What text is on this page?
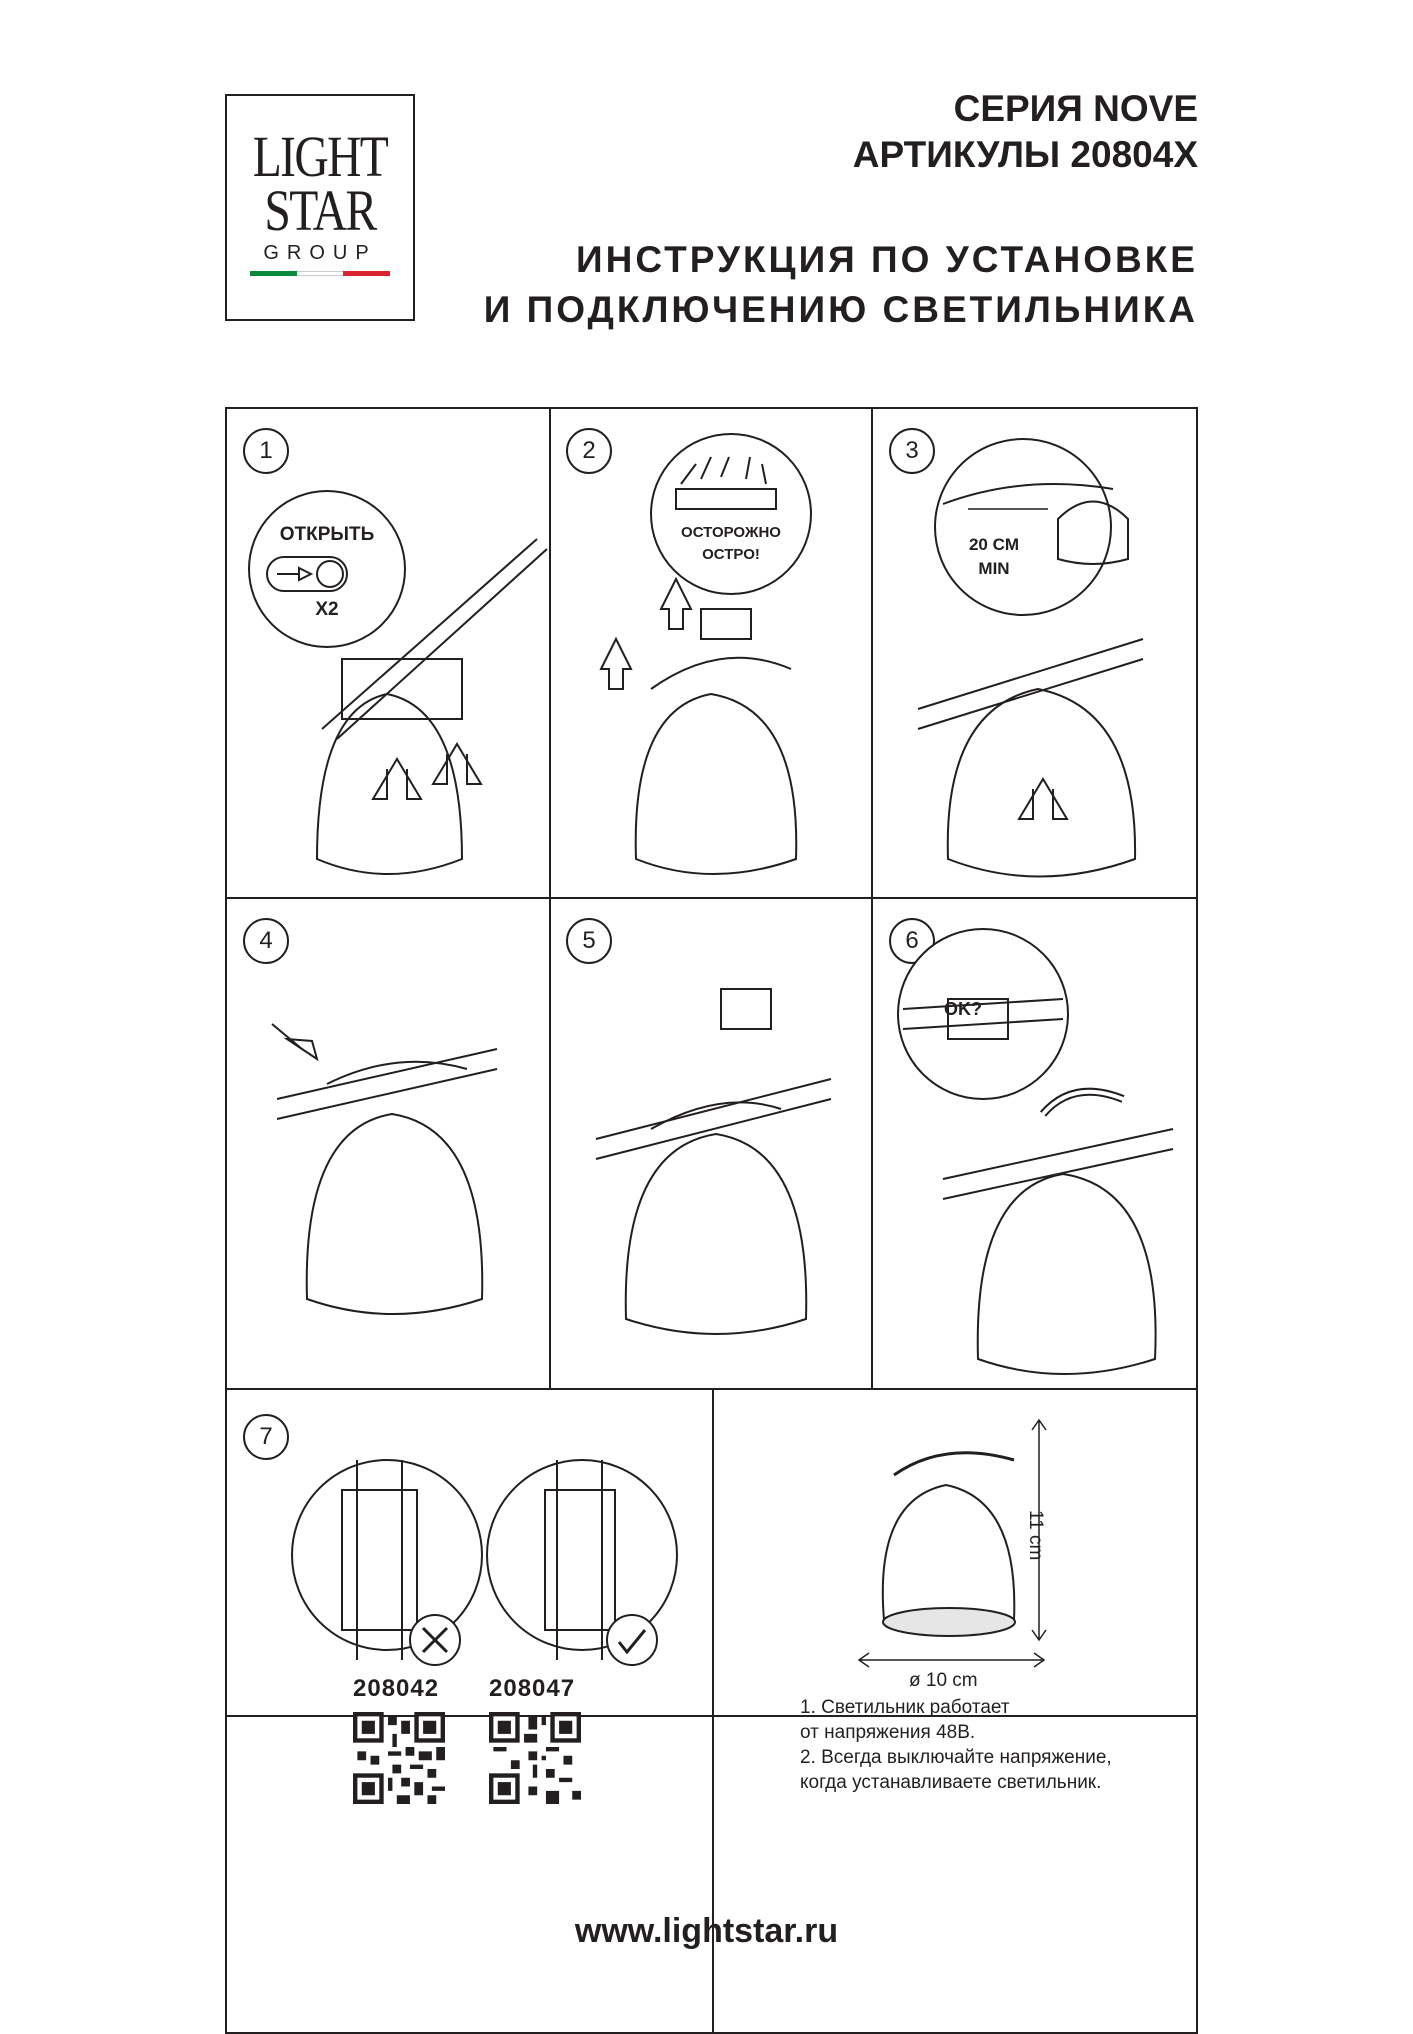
LIGHT
STAR
GROUP
СЕРИЯ NOVE
АРТИКУЛЫ 20804X
ИНСТРУКЦИЯ ПО УСТАНОВКЕ
И ПОДКЛЮЧЕНИЮ СВЕТИЛЬНИКА
1
ОТКРЫТЬ
X2
2
ОСТОРОЖНО
ОСТРО!
3
20 CM
MIN
4	5	6
OK?
7
11 cm
ø 10 cm
208042 208047
1. Светильник работает
от напряжения 48В.
2. Всегда выключайте напряжение,
когда устанавливаете светильник.
www.lightstar.ru
